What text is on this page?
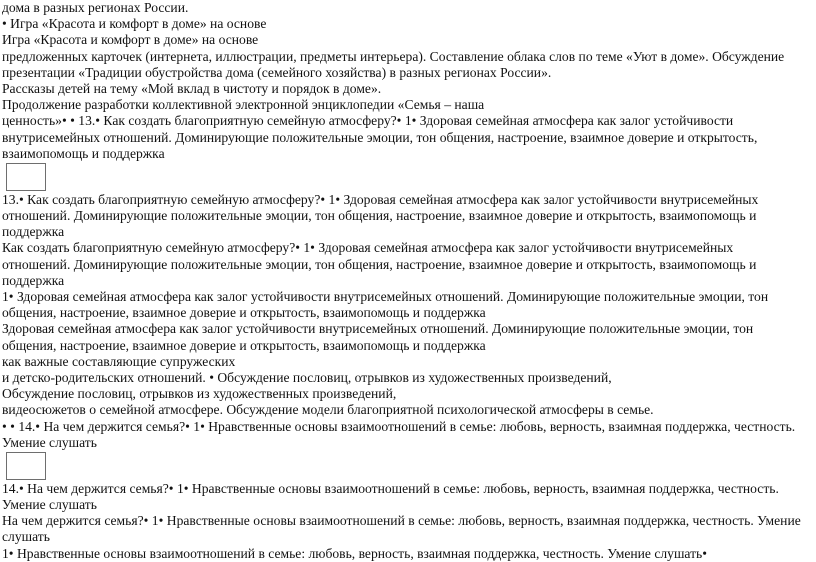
дома в разных регионах России.
• Игра «Красота и комфорт в доме» на основе
Игра «Красота и комфорт в доме» на основе
предложенных карточек (интернета, иллюстрации, предметы интерьера). Составление облака слов по теме «Уют в доме». Обсуждение
презентации «Традиции обустройства дома (семейного хозяйства) в разных регионах России».
Рассказы детей на тему «Мой вклад в чистоту и порядок в доме».
Продолжение разработки коллективной электронной энциклопедии «Семья – наша
ценность»• • 13.• Как создать благоприятную семейную атмосферу?• 1• Здоровая семейная атмосфера как залог устойчивости
внутрисемейных отношений. Доминирующие положительные эмоции, тон общения, настроение, взаимное доверие и открытость,
взаимопомощь и поддержка
13.• Как создать благоприятную семейную атмосферу?• 1• Здоровая семейная атмосфера как залог устойчивости внутрисемейных
отношений. Доминирующие положительные эмоции, тон общения, настроение, взаимное доверие и открытость, взаимопомощь и
поддержка
Как создать благоприятную семейную атмосферу?• 1• Здоровая семейная атмосфера как залог устойчивости внутрисемейных
отношений. Доминирующие положительные эмоции, тон общения, настроение, взаимное доверие и открытость, взаимопомощь и
поддержка
1• Здоровая семейная атмосфера как залог устойчивости внутрисемейных отношений. Доминирующие положительные эмоции, тон
общения, настроение, взаимное доверие и открытость, взаимопомощь и поддержка
Здоровая семейная атмосфера как залог устойчивости внутрисемейных отношений. Доминирующие положительные эмоции, тон
общения, настроение, взаимное доверие и открытость, взаимопомощь и поддержка
как важные составляющие супружеских
и детско-родительских отношений. • Обсуждение пословиц, отрывков из художественных произведений,
Обсуждение пословиц, отрывков из художественных произведений,
видеосюжетов о семейной атмосфере. Обсуждение модели благоприятной психологической атмосферы в семье.
• • 14.• На чем держится семья?• 1• Нравственные основы взаимоотношений в семье: любовь, верность, взаимная поддержка, честность.
Умение слушать
14.• На чем держится семья?• 1• Нравственные основы взаимоотношений в семье: любовь, верность, взаимная поддержка, честность.
Умение слушать
На чем держится семья?• 1• Нравственные основы взаимоотношений в семье: любовь, верность, взаимная поддержка, честность. Умение
слушать
1• Нравственные основы взаимоотношений в семье: любовь, верность, взаимная поддержка, честность. Умение слушать•
